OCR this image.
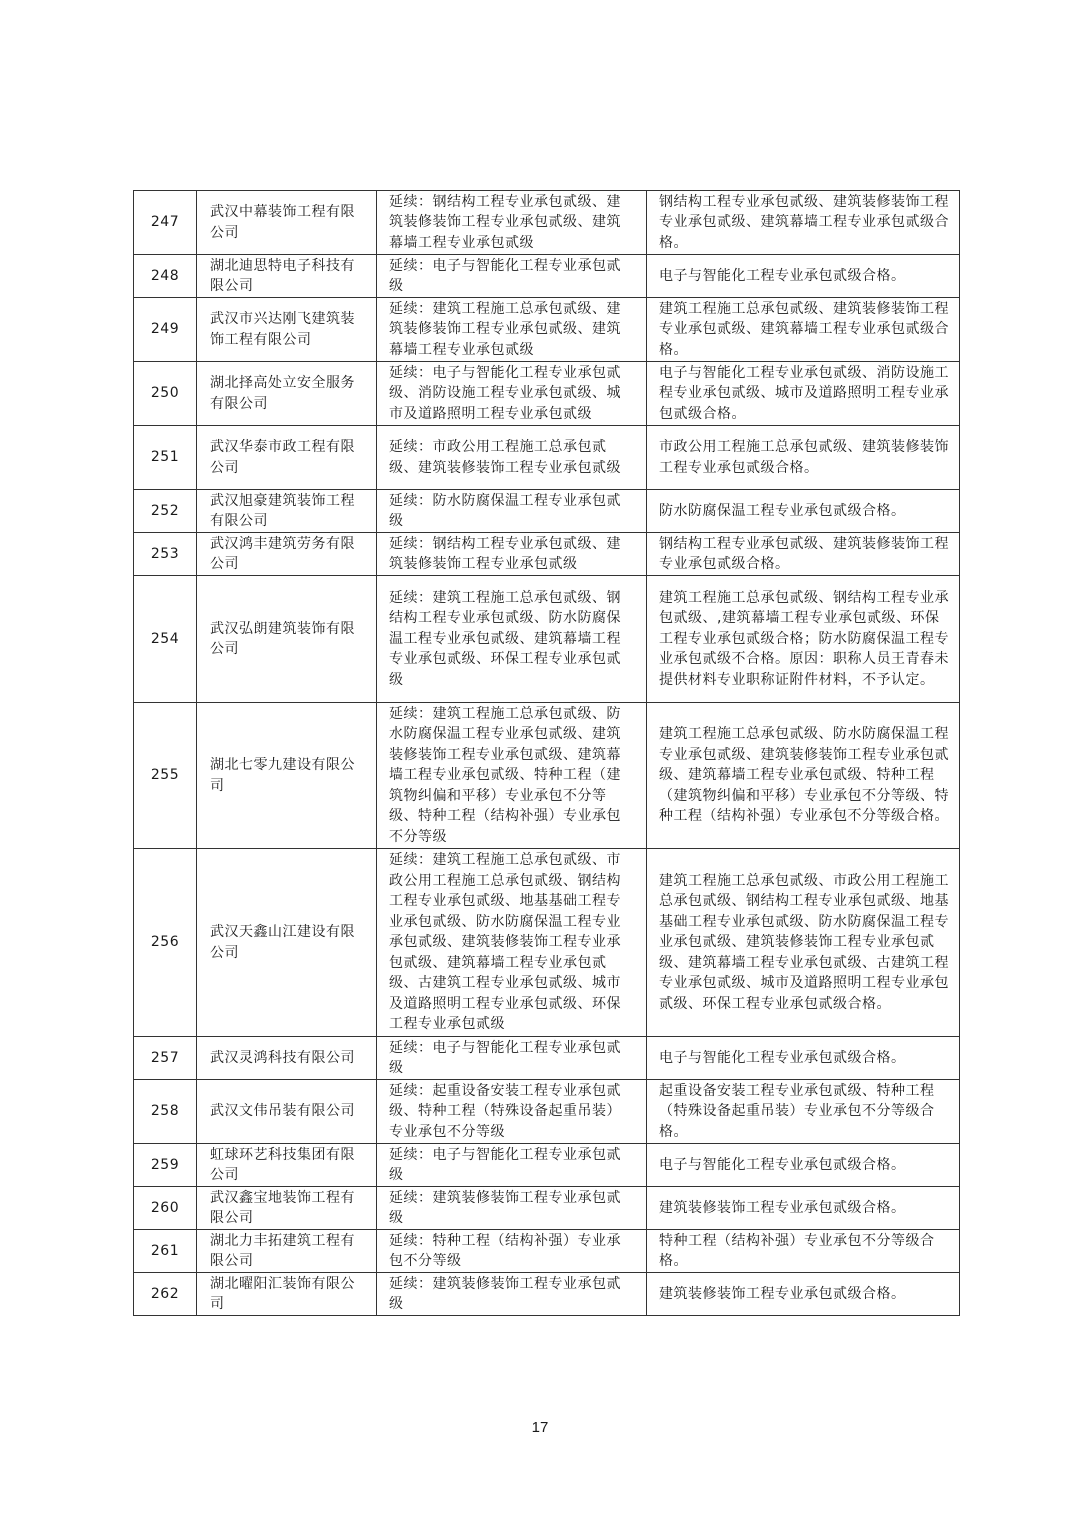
247	武汉中幕装饰工程有限公司	延续：钢结构工程专业承包贰级、建筑装修装饰工程专业承包贰级、建筑幕墙工程专业承包贰级	钢结构工程专业承包贰级、建筑装修装饰工程专业承包贰级、建筑幕墙工程专业承包贰级合格。
248	湖北迪思特电子科技有限公司	延续：电子与智能化工程专业承包贰级	电子与智能化工程专业承包贰级合格。
249	武汉市兴达刚飞建筑装饰工程有限公司	延续：建筑工程施工总承包贰级、建筑装修装饰工程专业承包贰级、建筑幕墙工程专业承包贰级	建筑工程施工总承包贰级、建筑装修装饰工程专业承包贰级、建筑幕墙工程专业承包贰级合格。
250	湖北择高处立安全服务有限公司	延续：电子与智能化工程专业承包贰级、消防设施工程专业承包贰级、城市及道路照明工程专业承包贰级	电子与智能化工程专业承包贰级、消防设施工程专业承包贰级、城市及道路照明工程专业承包贰级合格。
251	武汉华泰市政工程有限公司	延续：市政公用工程施工总承包贰级、建筑装修装饰工程专业承包贰级	市政公用工程施工总承包贰级、建筑装修装饰工程专业承包贰级合格。
252	武汉旭豪建筑装饰工程有限公司	延续：防水防腐保温工程专业承包贰级	防水防腐保温工程专业承包贰级合格。
253	武汉鸿丰建筑劳务有限公司	延续：钢结构工程专业承包贰级、建筑装修装饰工程专业承包贰级	钢结构工程专业承包贰级、建筑装修装饰工程专业承包贰级合格。
254	武汉弘朗建筑装饰有限公司	延续：建筑工程施工总承包贰级、钢结构工程专业承包贰级、防水防腐保温工程专业承包贰级、建筑幕墙工程专业承包贰级、环保工程专业承包贰级	建筑工程施工总承包贰级、钢结构工程专业承包贰级、,建筑幕墙工程专业承包贰级、环保工程专业承包贰级合格；防水防腐保温工程专业承包贰级不合格。原因：职称人员王青春未提供材料专业职称证附件材料，不予认定。
255	湖北七零九建设有限公司	延续：建筑工程施工总承包贰级、防水防腐保温工程专业承包贰级、建筑装修装饰工程专业承包贰级、建筑幕墙工程专业承包贰级、特种工程（建筑物纠偏和平移）专业承包不分等级、特种工程（结构补强）专业承包不分等级	建筑工程施工总承包贰级、防水防腐保温工程专业承包贰级、建筑装修装饰工程专业承包贰级、建筑幕墙工程专业承包贰级、特种工程（建筑物纠偏和平移）专业承包不分等级、特种工程（结构补强）专业承包不分等级合格。
256	武汉天鑫山江建设有限公司	延续：建筑工程施工总承包贰级、市政公用工程施工总承包贰级、钢结构工程专业承包贰级、地基基础工程专业承包贰级、防水防腐保温工程专业承包贰级、建筑装修装饰工程专业承包贰级、建筑幕墙工程专业承包贰级、古建筑工程专业承包贰级、城市及道路照明工程专业承包贰级、环保工程专业承包贰级	建筑工程施工总承包贰级、市政公用工程施工总承包贰级、钢结构工程专业承包贰级、地基基础工程专业承包贰级、防水防腐保温工程专业承包贰级、建筑装修装饰工程专业承包贰级、建筑幕墙工程专业承包贰级、古建筑工程专业承包贰级、城市及道路照明工程专业承包贰级、环保工程专业承包贰级合格。
257	武汉灵鸿科技有限公司	延续：电子与智能化工程专业承包贰级	电子与智能化工程专业承包贰级合格。
258	武汉文伟吊装有限公司	延续：起重设备安装工程专业承包贰级、特种工程（特殊设备起重吊装）专业承包不分等级	起重设备安装工程专业承包贰级、特种工程（特殊设备起重吊装）专业承包不分等级合格。
259	虹球环艺科技集团有限公司	延续：电子与智能化工程专业承包贰级	电子与智能化工程专业承包贰级合格。
260	武汉鑫宝地装饰工程有限公司	延续：建筑装修装饰工程专业承包贰级	建筑装修装饰工程专业承包贰级合格。
261	湖北力丰拓建筑工程有限公司	延续：特种工程（结构补强）专业承包不分等级	特种工程（结构补强）专业承包不分等级合格。
262	湖北曜阳汇装饰有限公司	延续：建筑装修装饰工程专业承包贰级	建筑装修装饰工程专业承包贰级合格。
17
